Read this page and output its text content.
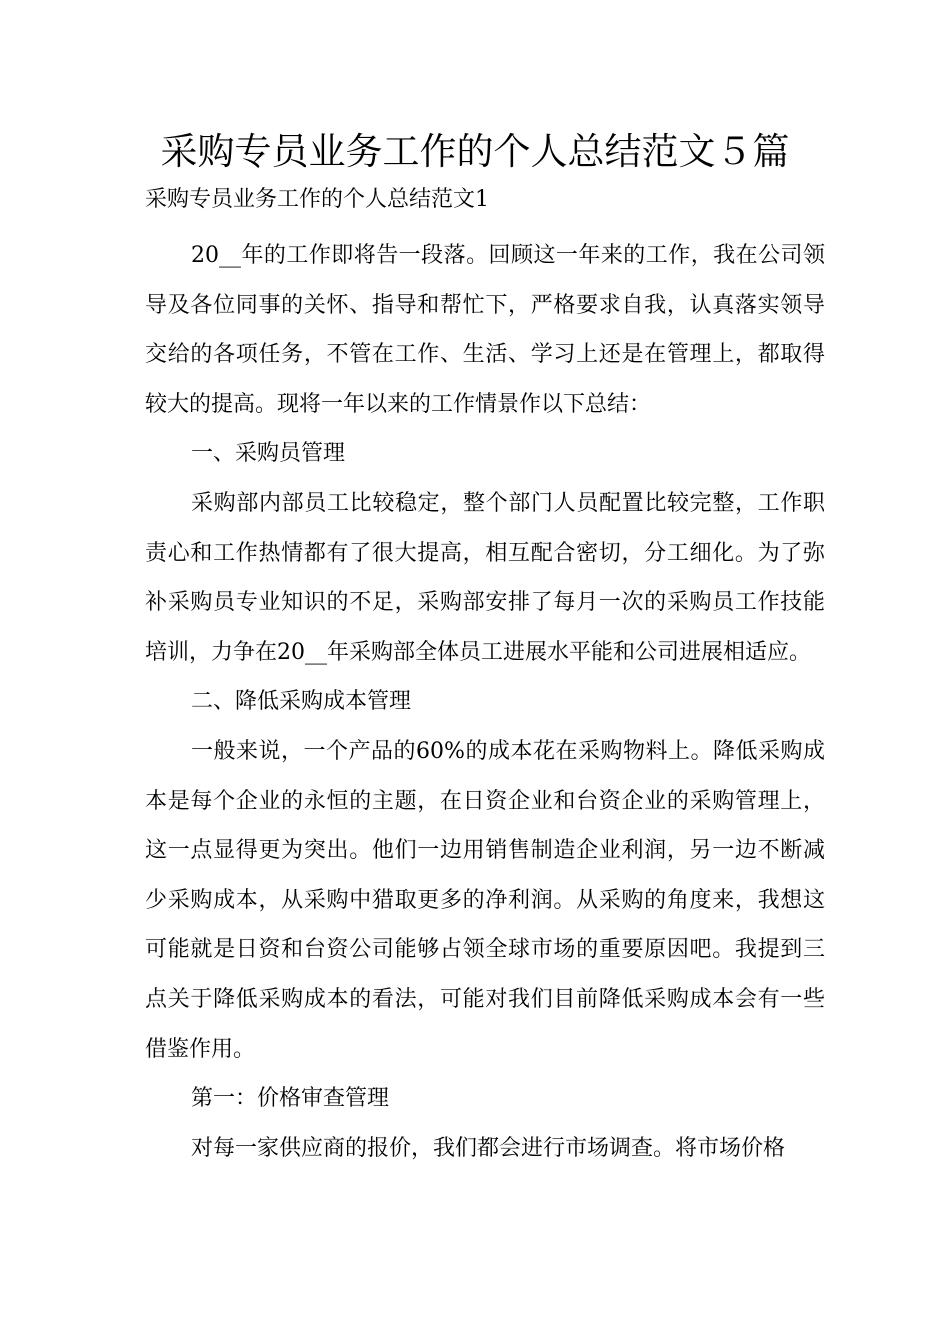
采购专员业务工作的个人总结范文５篇
采购专员业务工作的个人总结范文1

20__年的工作即将告一段落。回顾这一年来的工作，我在公司领导及各位同事的关怀、指导和帮忙下，严格要求自我，认真落实领导交给的各项任务，不管在工作、生活、学习上还是在管理上，都取得较大的提高。现将一年以来的工作情景作以下总结：

一、采购员管理

采购部内部员工比较稳定，整个部门人员配置比较完整，工作职责心和工作热情都有了很大提高，相互配合密切，分工细化。为了弥补采购员专业知识的不足，采购部安排了每月一次的采购员工作技能培训，力争在20__年采购部全体员工进展水平能和公司进展相适应。

二、降低采购成本管理

一般来说，一个产品的60%的成本花在采购物料上。降低采购成本是每个企业的永恒的主题，在日资企业和台资企业的采购管理上，这一点显得更为突出。他们一边用销售制造企业利润，另一边不断减少采购成本，从采购中猎取更多的净利润。从采购的角度来，我想这可能就是日资和台资公司能够占领全球市场的重要原因吧。我提到三点关于降低采购成本的看法，可能对我们目前降低采购成本会有一些借鉴作用。

第一：价格审查管理

对每一家供应商的报价，我们都会进行市场调查。将市场价格
